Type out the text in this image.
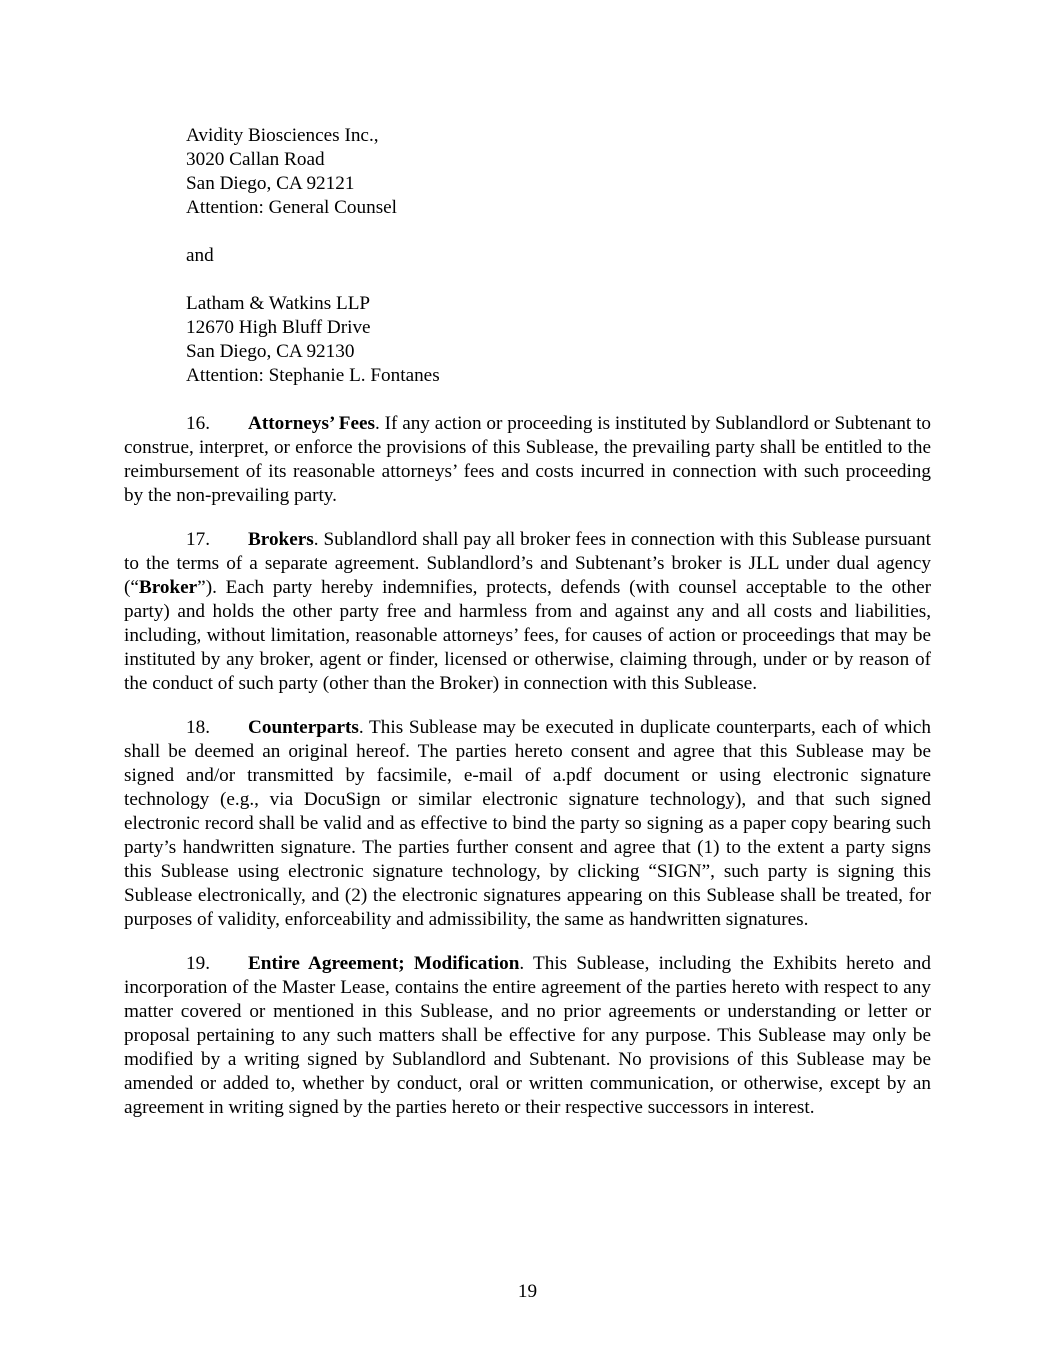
Avidity Biosciences Inc.,
3020 Callan Road
San Diego, CA 92121
Attention: General Counsel
and
Latham & Watkins LLP
12670 High Bluff Drive
San Diego, CA 92130
Attention: Stephanie L. Fontanes

16. Attorneys’ Fees. If any action or proceeding is instituted by Sublandlord or Subtenant to construe, interpret, or enforce the provisions of this Sublease, the prevailing party shall be entitled to the reimbursement of its reasonable attorneys’ fees and costs incurred in connection with such proceeding by the non-prevailing party.

17. Brokers. Sublandlord shall pay all broker fees in connection with this Sublease pursuant to the terms of a separate agreement. Sublandlord’s and Subtenant’s broker is JLL under dual agency (“Broker”). Each party hereby indemnifies, protects, defends (with counsel acceptable to the other party) and holds the other party free and harmless from and against any and all costs and liabilities, including, without limitation, reasonable attorneys’ fees, for causes of action or proceedings that may be instituted by any broker, agent or finder, licensed or otherwise, claiming through, under or by reason of the conduct of such party (other than the Broker) in connection with this Sublease.

18. Counterparts. This Sublease may be executed in duplicate counterparts, each of which shall be deemed an original hereof. The parties hereto consent and agree that this Sublease may be signed and/or transmitted by facsimile, e-mail of a.pdf document or using electronic signature technology (e.g., via DocuSign or similar electronic signature technology), and that such signed electronic record shall be valid and as effective to bind the party so signing as a paper copy bearing such party’s handwritten signature. The parties further consent and agree that (1) to the extent a party signs this Sublease using electronic signature technology, by clicking “SIGN”, such party is signing this Sublease electronically, and (2) the electronic signatures appearing on this Sublease shall be treated, for purposes of validity, enforceability and admissibility, the same as handwritten signatures.

19. Entire Agreement; Modification. This Sublease, including the Exhibits hereto and incorporation of the Master Lease, contains the entire agreement of the parties hereto with respect to any matter covered or mentioned in this Sublease, and no prior agreements or understanding or letter or proposal pertaining to any such matters shall be effective for any purpose. This Sublease may only be modified by a writing signed by Sublandlord and Subtenant. No provisions of this Sublease may be amended or added to, whether by conduct, oral or written communication, or otherwise, except by an agreement in writing signed by the parties hereto or their respective successors in interest.

19
